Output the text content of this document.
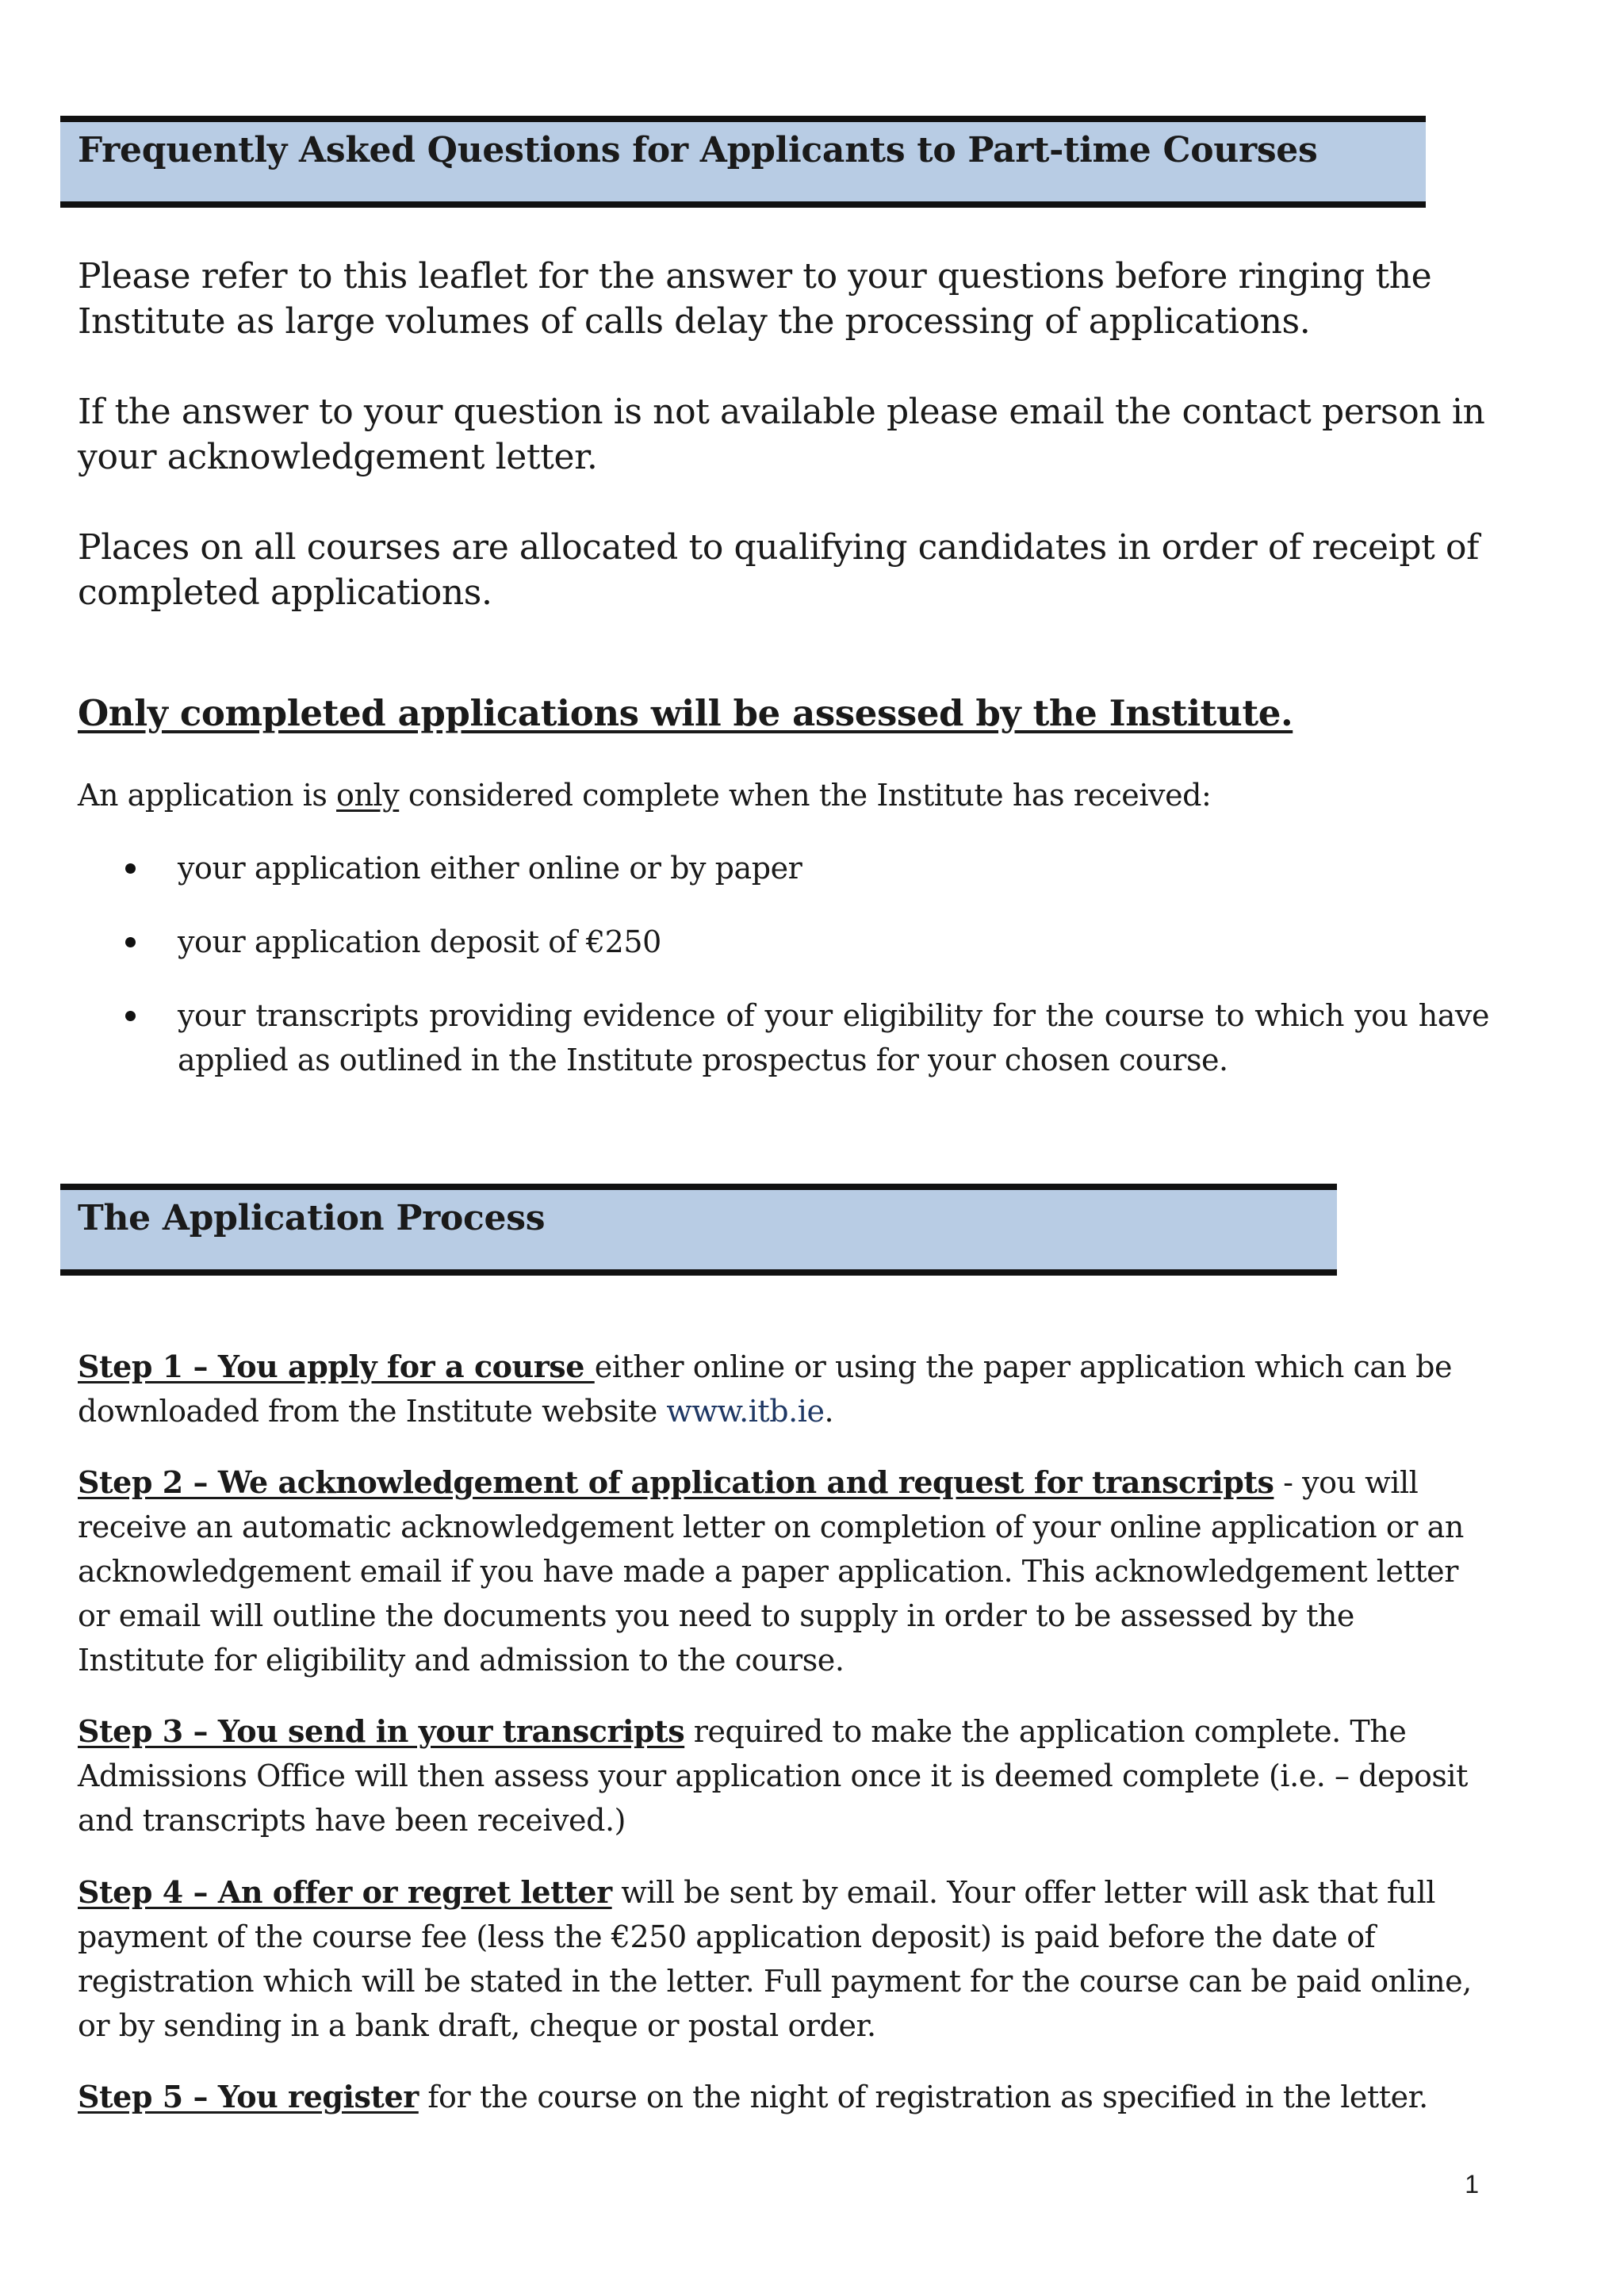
Frequently Asked Questions for Applicants to Part-time Courses

Please refer to this leaflet for the answer to your questions before ringing the Institute as large volumes of calls delay the processing of applications.

If the answer to your question is not available please email the contact person in your acknowledgement letter.

Places on all courses are allocated to qualifying candidates in order of receipt of completed applications.

Only completed applications will be assessed by the Institute.

An application is only considered complete when the Institute has received:

your application either online or by paper
your application deposit of €250
your transcripts providing evidence of your eligibility for the course to which you have applied as outlined in the Institute prospectus for your chosen course.
The Application Process

Step 1 – You apply for a course either online or using the paper application which can be downloaded from the Institute website www.itb.ie.

Step 2 – We acknowledgement of application and request for transcripts - you will receive an automatic acknowledgement letter on completion of your online application or an acknowledgement email if you have made a paper application. This acknowledgement letter or email will outline the documents you need to supply in order to be assessed by the Institute for eligibility and admission to the course.

Step 3 – You send in your transcripts required to make the application complete. The Admissions Office will then assess your application once it is deemed complete (i.e. – deposit and transcripts have been received.)

Step 4 – An offer or regret letter will be sent by email. Your offer letter will ask that full payment of the course fee (less the €250 application deposit) is paid before the date of registration which will be stated in the letter. Full payment for the course can be paid online, or by sending in a bank draft, cheque or postal order.

Step 5 – You register for the course on the night of registration as specified in the letter.

1
